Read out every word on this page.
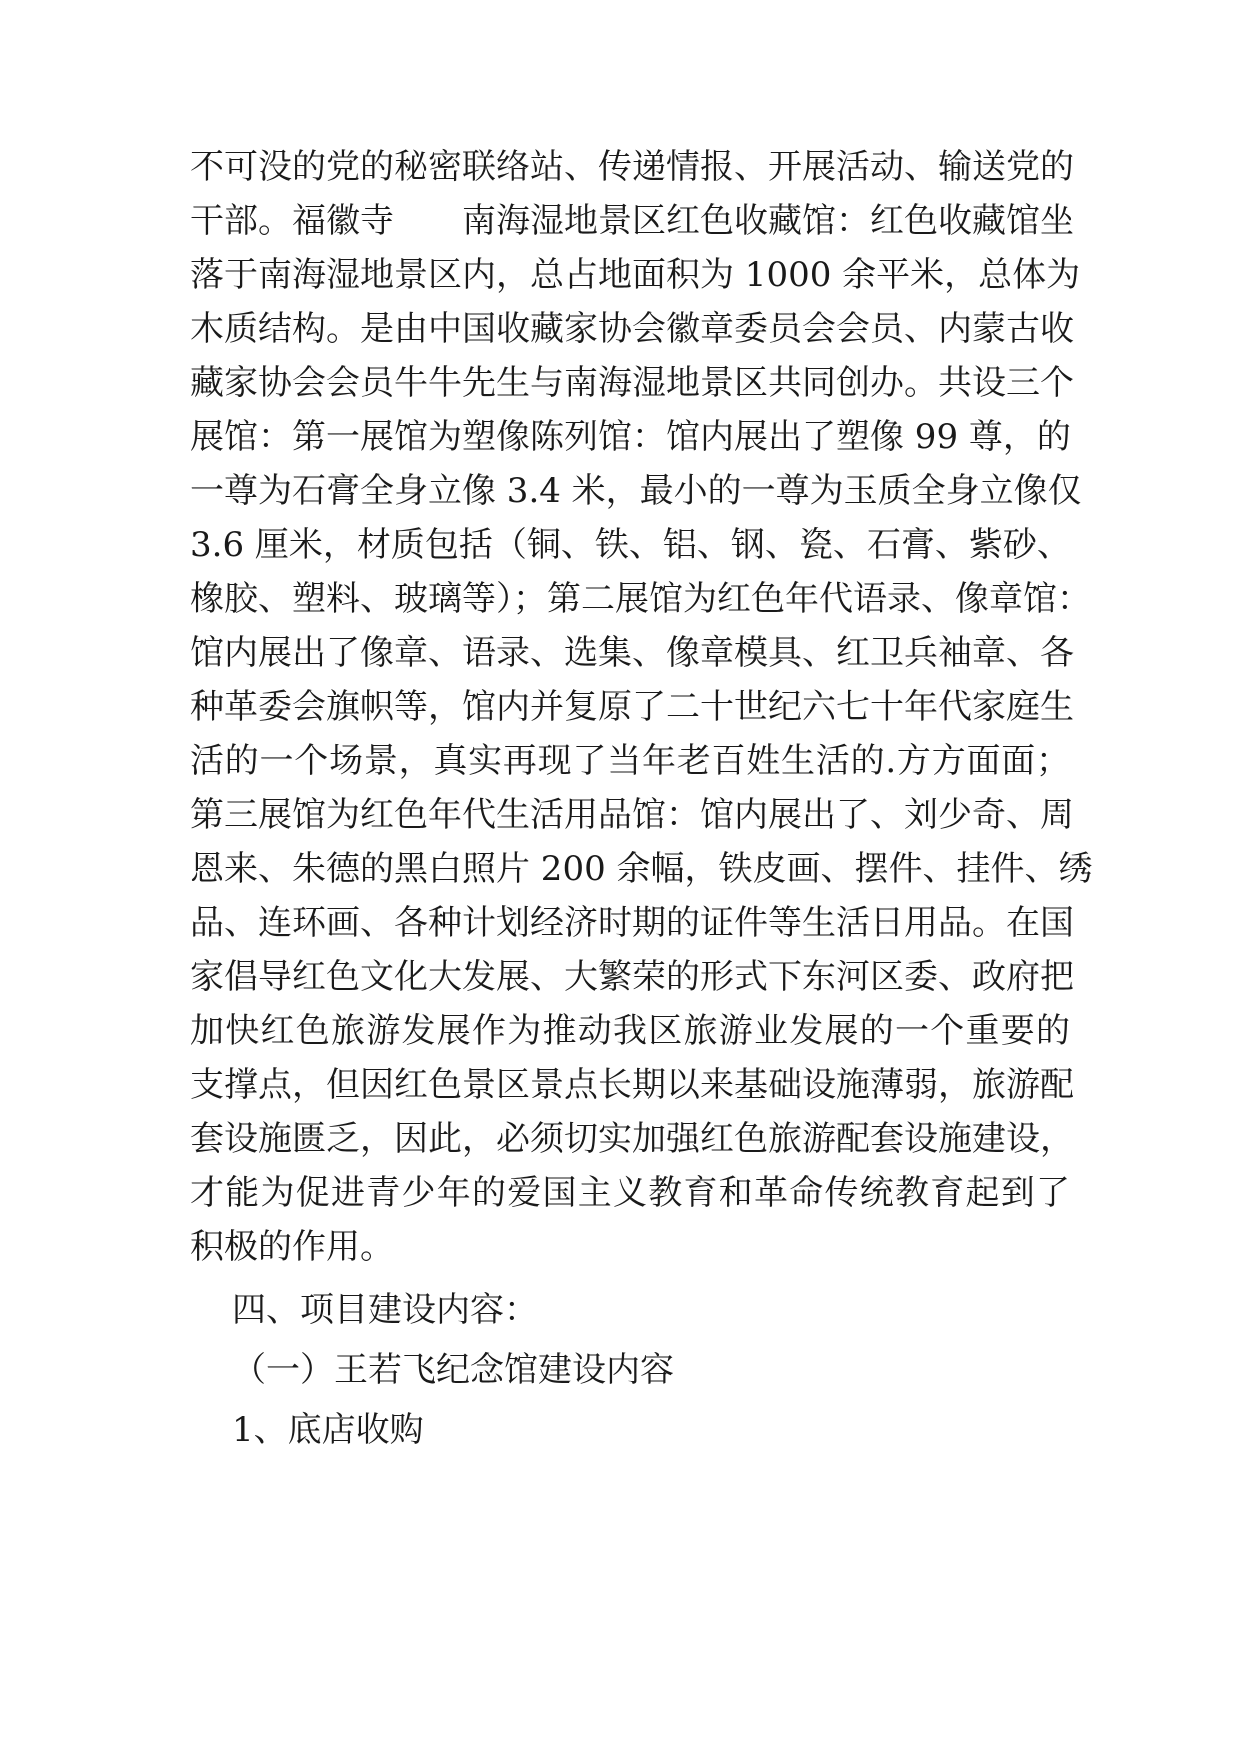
不可没的党的秘密联络站、传递情报、开展活动、输送党的
干部。福徽寺　　南海湿地景区红色收藏馆：红色收藏馆坐
落于南海湿地景区内，总占地面积为 1000 余平米，总体为
木质结构。是由中国收藏家协会徽章委员会会员、内蒙古收
藏家协会会员牛牛先生与南海湿地景区共同创办。共设三个
展馆：第一展馆为塑像陈列馆：馆内展出了塑像 99 尊，的
一尊为石膏全身立像 3.4 米，最小的一尊为玉质全身立像仅
3.6 厘米，材质包括（铜、铁、铝、钢、瓷、石膏、紫砂、
橡胶、塑料、玻璃等）；第二展馆为红色年代语录、像章馆：
馆内展出了像章、语录、选集、像章模具、红卫兵袖章、各
种革委会旗帜等，馆内并复原了二十世纪六七十年代家庭生
活的一个场景，真实再现了当年老百姓生活的.方方面面；
第三展馆为红色年代生活用品馆：馆内展出了、刘少奇、周
恩来、朱德的黑白照片 200 余幅，铁皮画、摆件、挂件、绣
品、连环画、各种计划经济时期的证件等生活日用品。在国
家倡导红色文化大发展、大繁荣的形式下东河区委、政府把
加快红色旅游发展作为推动我区旅游业发展的一个重要的
支撑点，但因红色景区景点长期以来基础设施薄弱，旅游配
套设施匮乏，因此，必须切实加强红色旅游配套设施建设，
才能为促进青少年的爱国主义教育和革命传统教育起到了
积极的作用。
四、项目建设内容：
（一）王若飞纪念馆建设内容
1、底店收购
